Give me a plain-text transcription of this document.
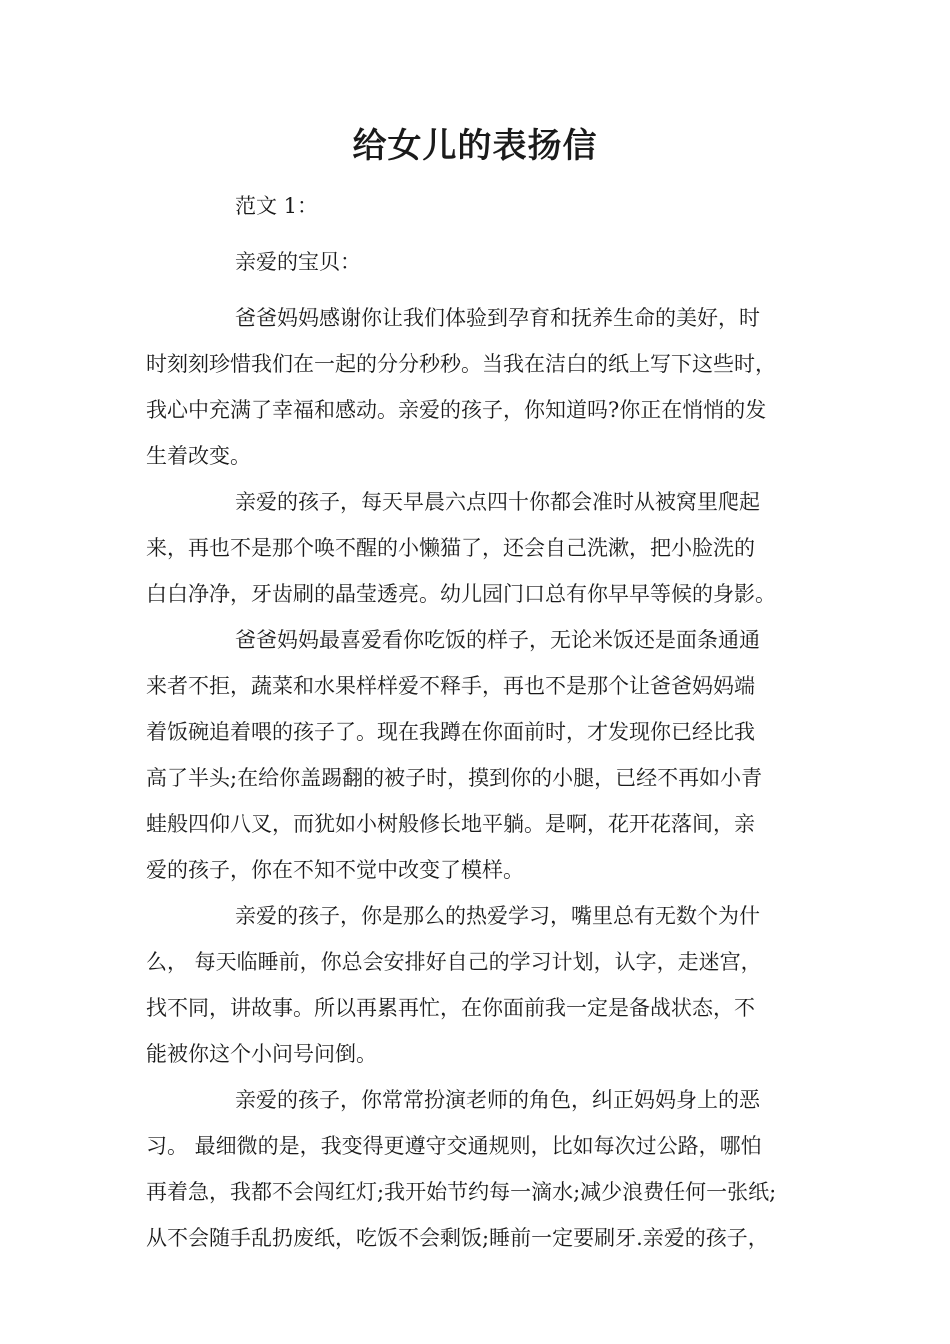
给女儿的表扬信

范文 1：

亲爱的宝贝：

爸爸妈妈感谢你让我们体验到孕育和抚养生命的美好，时

时刻刻珍惜我们在一起的分分秒秒。当我在洁白的纸上写下这些时，

我心中充满了幸福和感动。亲爱的孩子，你知道吗?你正在悄悄的发

生着改变。

亲爱的孩子，每天早晨六点四十你都会准时从被窝里爬起

来，再也不是那个唤不醒的小懒猫了，还会自己洗漱，把小脸洗的

白白净净，牙齿刷的晶莹透亮。幼儿园门口总有你早早等候的身影。

爸爸妈妈最喜爱看你吃饭的样子，无论米饭还是面条通通

来者不拒，蔬菜和水果样样爱不释手，再也不是那个让爸爸妈妈端

着饭碗追着喂的孩子了。现在我蹲在你面前时，才发现你已经比我

高了半头;在给你盖踢翻的被子时，摸到你的小腿，已经不再如小青

蛙般四仰八叉，而犹如小树般修长地平躺。是啊，花开花落间，亲

爱的孩子，你在不知不觉中改变了模样。

亲爱的孩子，你是那么的热爱学习，嘴里总有无数个为什

么， 每天临睡前，你总会安排好自己的学习计划，认字，走迷宫，

找不同，讲故事。所以再累再忙，在你面前我一定是备战状态，不

能被你这个小问号问倒。

亲爱的孩子，你常常扮演老师的角色，纠正妈妈身上的恶

习。 最细微的是，我变得更遵守交通规则，比如每次过公路，哪怕

再着急，我都不会闯红灯;我开始节约每一滴水;减少浪费任何一张纸;

从不会随手乱扔废纸，吃饭不会剩饭;睡前一定要刷牙.亲爱的孩子，
